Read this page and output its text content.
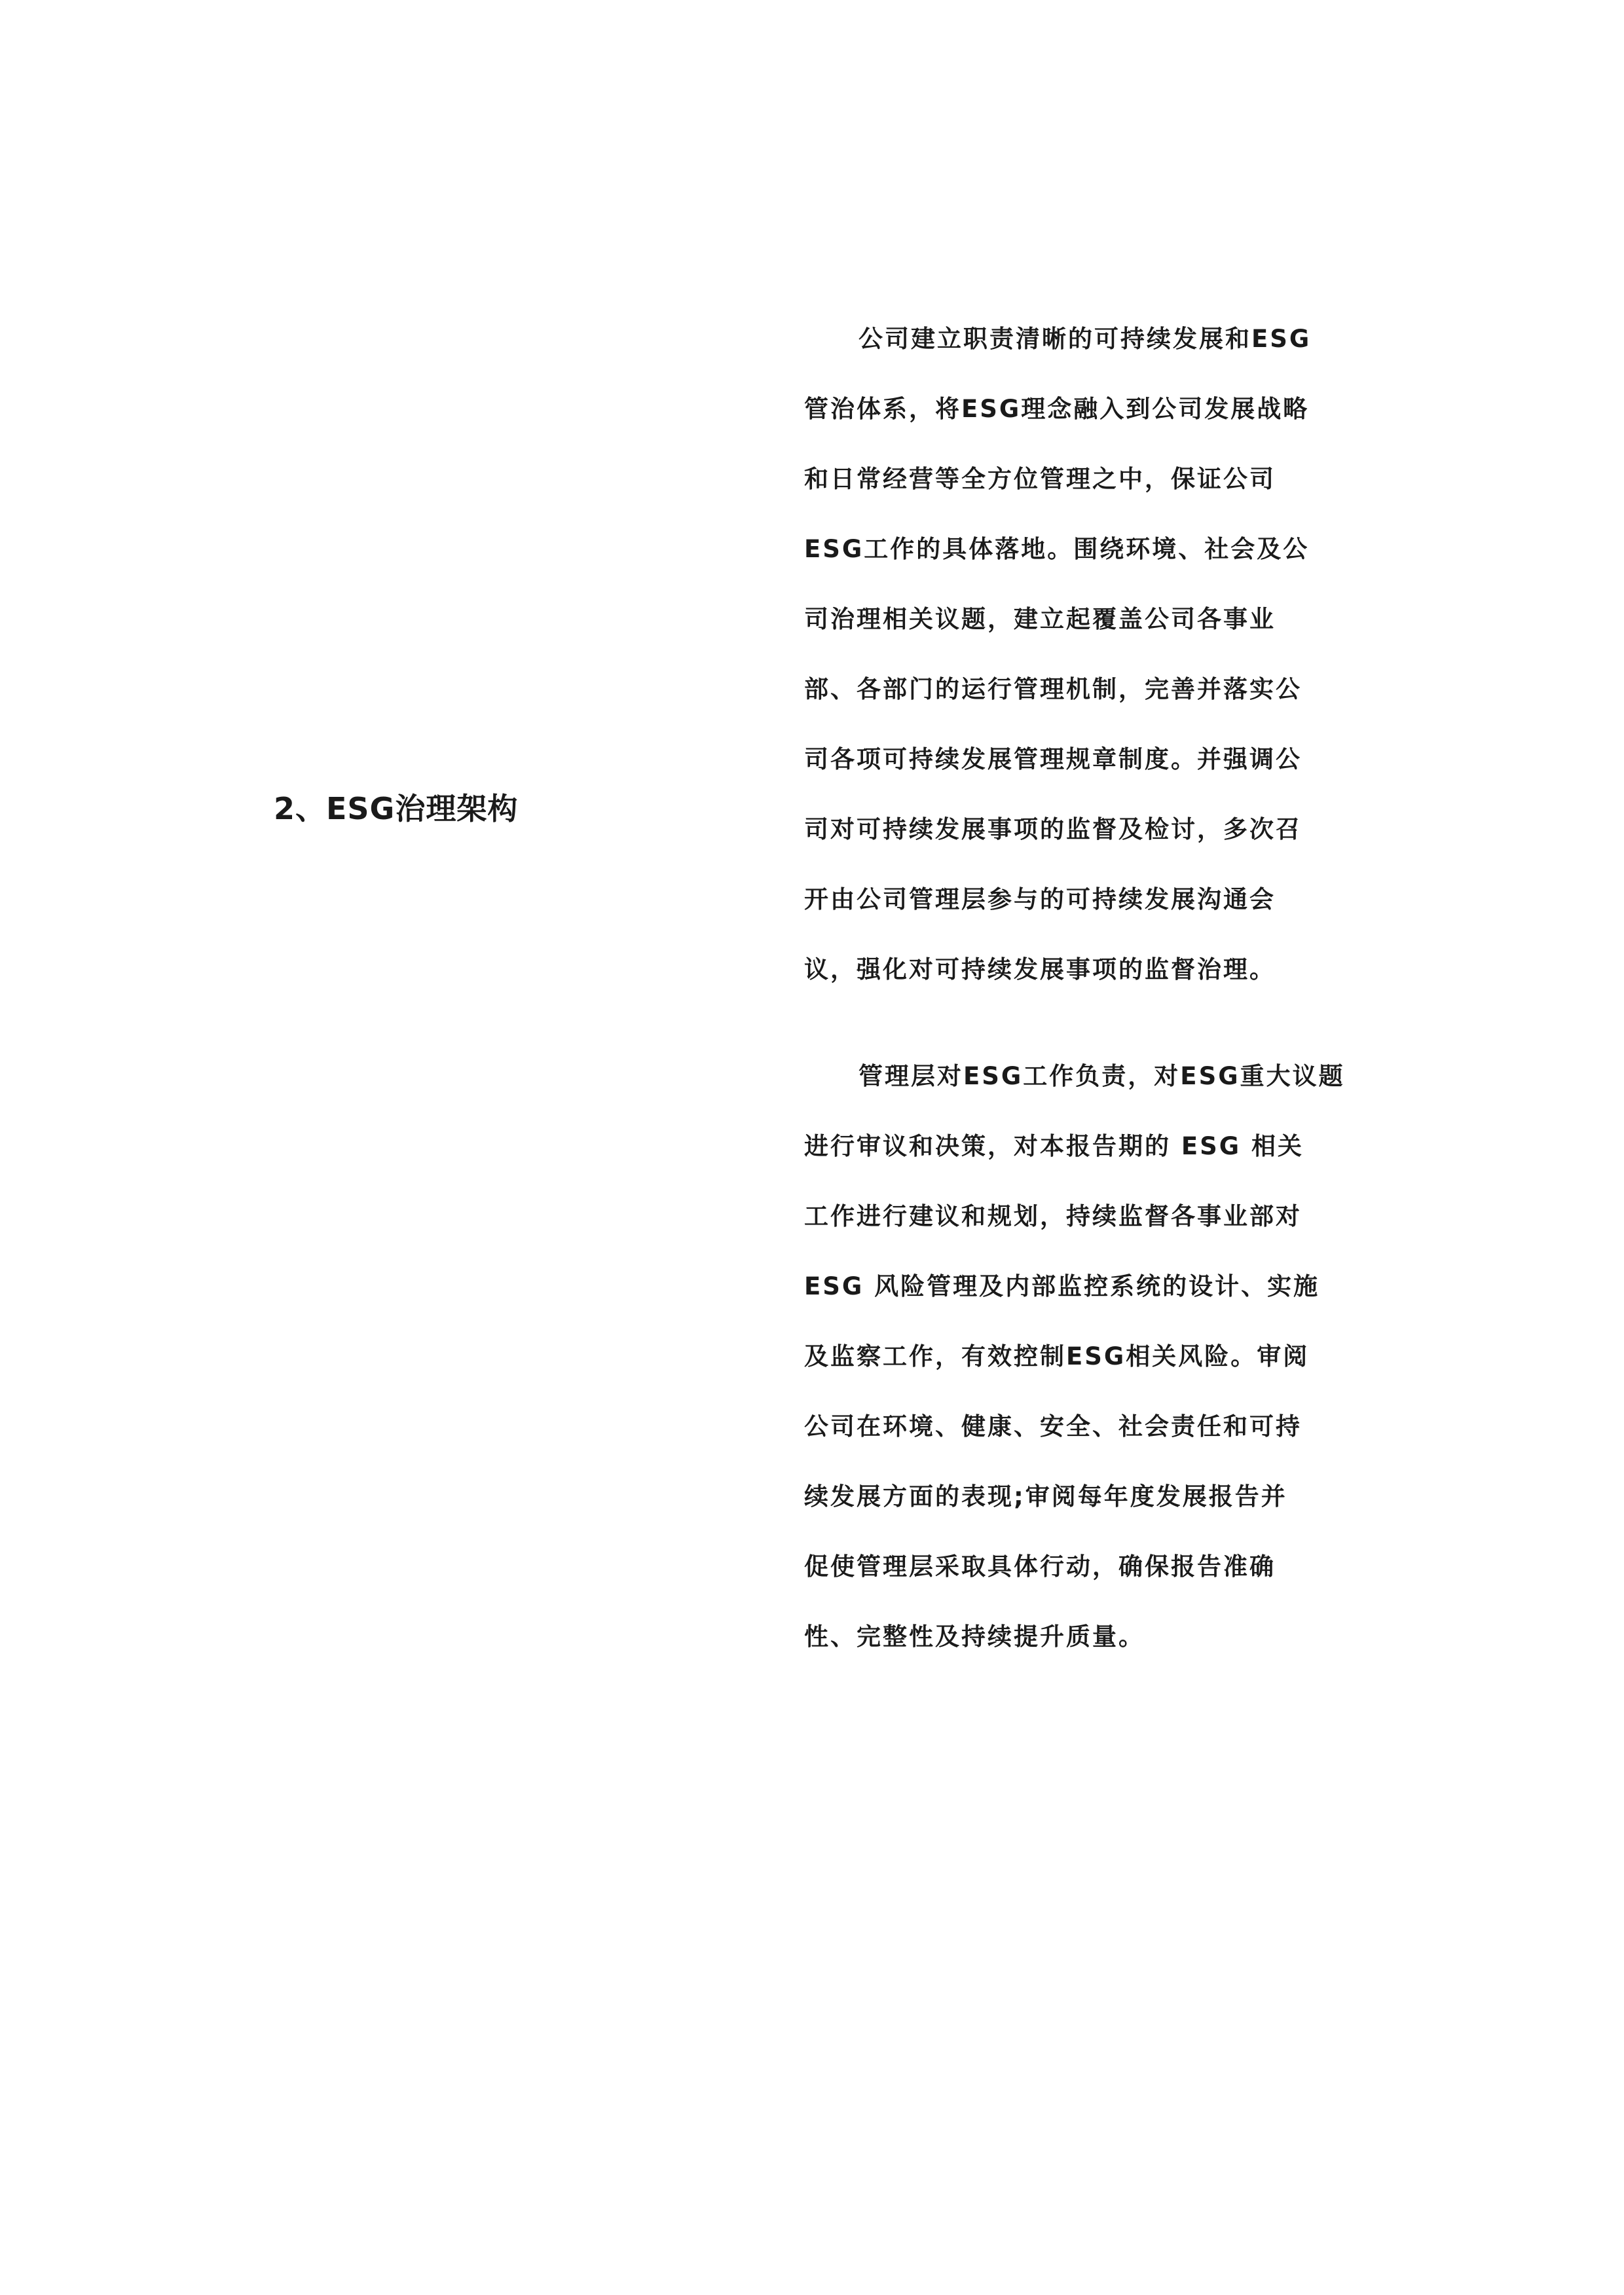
2、ESG治理架构
公司建立职责清晰的可持续发展和ESG
管治体系，将ESG理念融入到公司发展战略
和日常经营等全方位管理之中，保证公司
ESG工作的具体落地。围绕环境、社会及公
司治理相关议题，建立起覆盖公司各事业
部、各部门的运行管理机制，完善并落实公
司各项可持续发展管理规章制度。并强调公
司对可持续发展事项的监督及检讨，多次召
开由公司管理层参与的可持续发展沟通会
议，强化对可持续发展事项的监督治理。
管理层对ESG工作负责，对ESG重大议题
进行审议和决策，对本报告期的 ESG 相关
工作进行建议和规划，持续监督各事业部对
ESG 风险管理及内部监控系统的设计、实施
及监察工作，有效控制ESG相关风险。审阅
公司在环境、健康、安全、社会责任和可持
续发展方面的表现;审阅每年度发展报告并
促使管理层采取具体行动，确保报告准确
性、完整性及持续提升质量。
